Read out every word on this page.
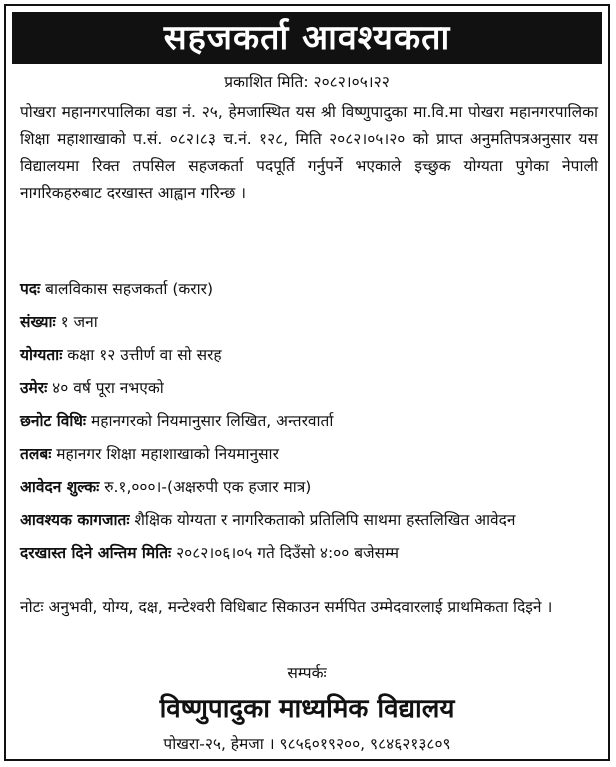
सहजकर्ता आवश्यकता
प्रकाशित मिति: २०८२।०५।२२
पोखरा महानगरपालिका वडा नं. २५, हेमजास्थित यस श्री विष्णुपादुका मा.वि.मा पोखरा महानगरपालिका शिक्षा महाशाखाको प.सं. ०८२।८३ च.नं. १२८, मिति २०८२।०५।२० को प्राप्त अनुमतिपत्रअनुसार यस विद्यालयमा रिक्त तपसिल सहजकर्ता पदपूर्ति गर्नुपर्ने भएकाले इच्छुक योग्यता पुगेका नेपाली नागरिकहरुबाट दरखास्त आह्वान गरिन्छ ।
पदः बालविकास सहजकर्ता (करार)
संख्याः १ जना
योग्यताः कक्षा १२ उत्तीर्ण वा सो सरह
उमेरः ४० वर्ष पूरा नभएको
छनोट विधिः महानगरको नियमानुसार लिखित, अन्तरवार्ता
तलबः महानगर शिक्षा महाशाखाको नियमानुसार
आवेदन शुल्कः रु.१,०००।-(अक्षरुपी एक हजार मात्र)
आवश्यक कागजातः शैक्षिक योग्यता र नागरिकताको प्रतिलिपि साथमा हस्तलिखित आवेदन
दरखास्त दिने अन्तिम मितिः २०८२।०६।०५ गते दिउँसो ४:०० बजेसम्म
नोटः अनुभवी, योग्य, दक्ष, मन्टेश्वरी विधिबाट सिकाउन सर्मपित उम्मेदवारलाई प्राथमिकता दिइने ।
सम्पर्कः
विष्णुपादुका माध्यमिक विद्यालय
पोखरा-२५, हेमजा । ९८५६०१९२००, ९८४६२१३८०९
